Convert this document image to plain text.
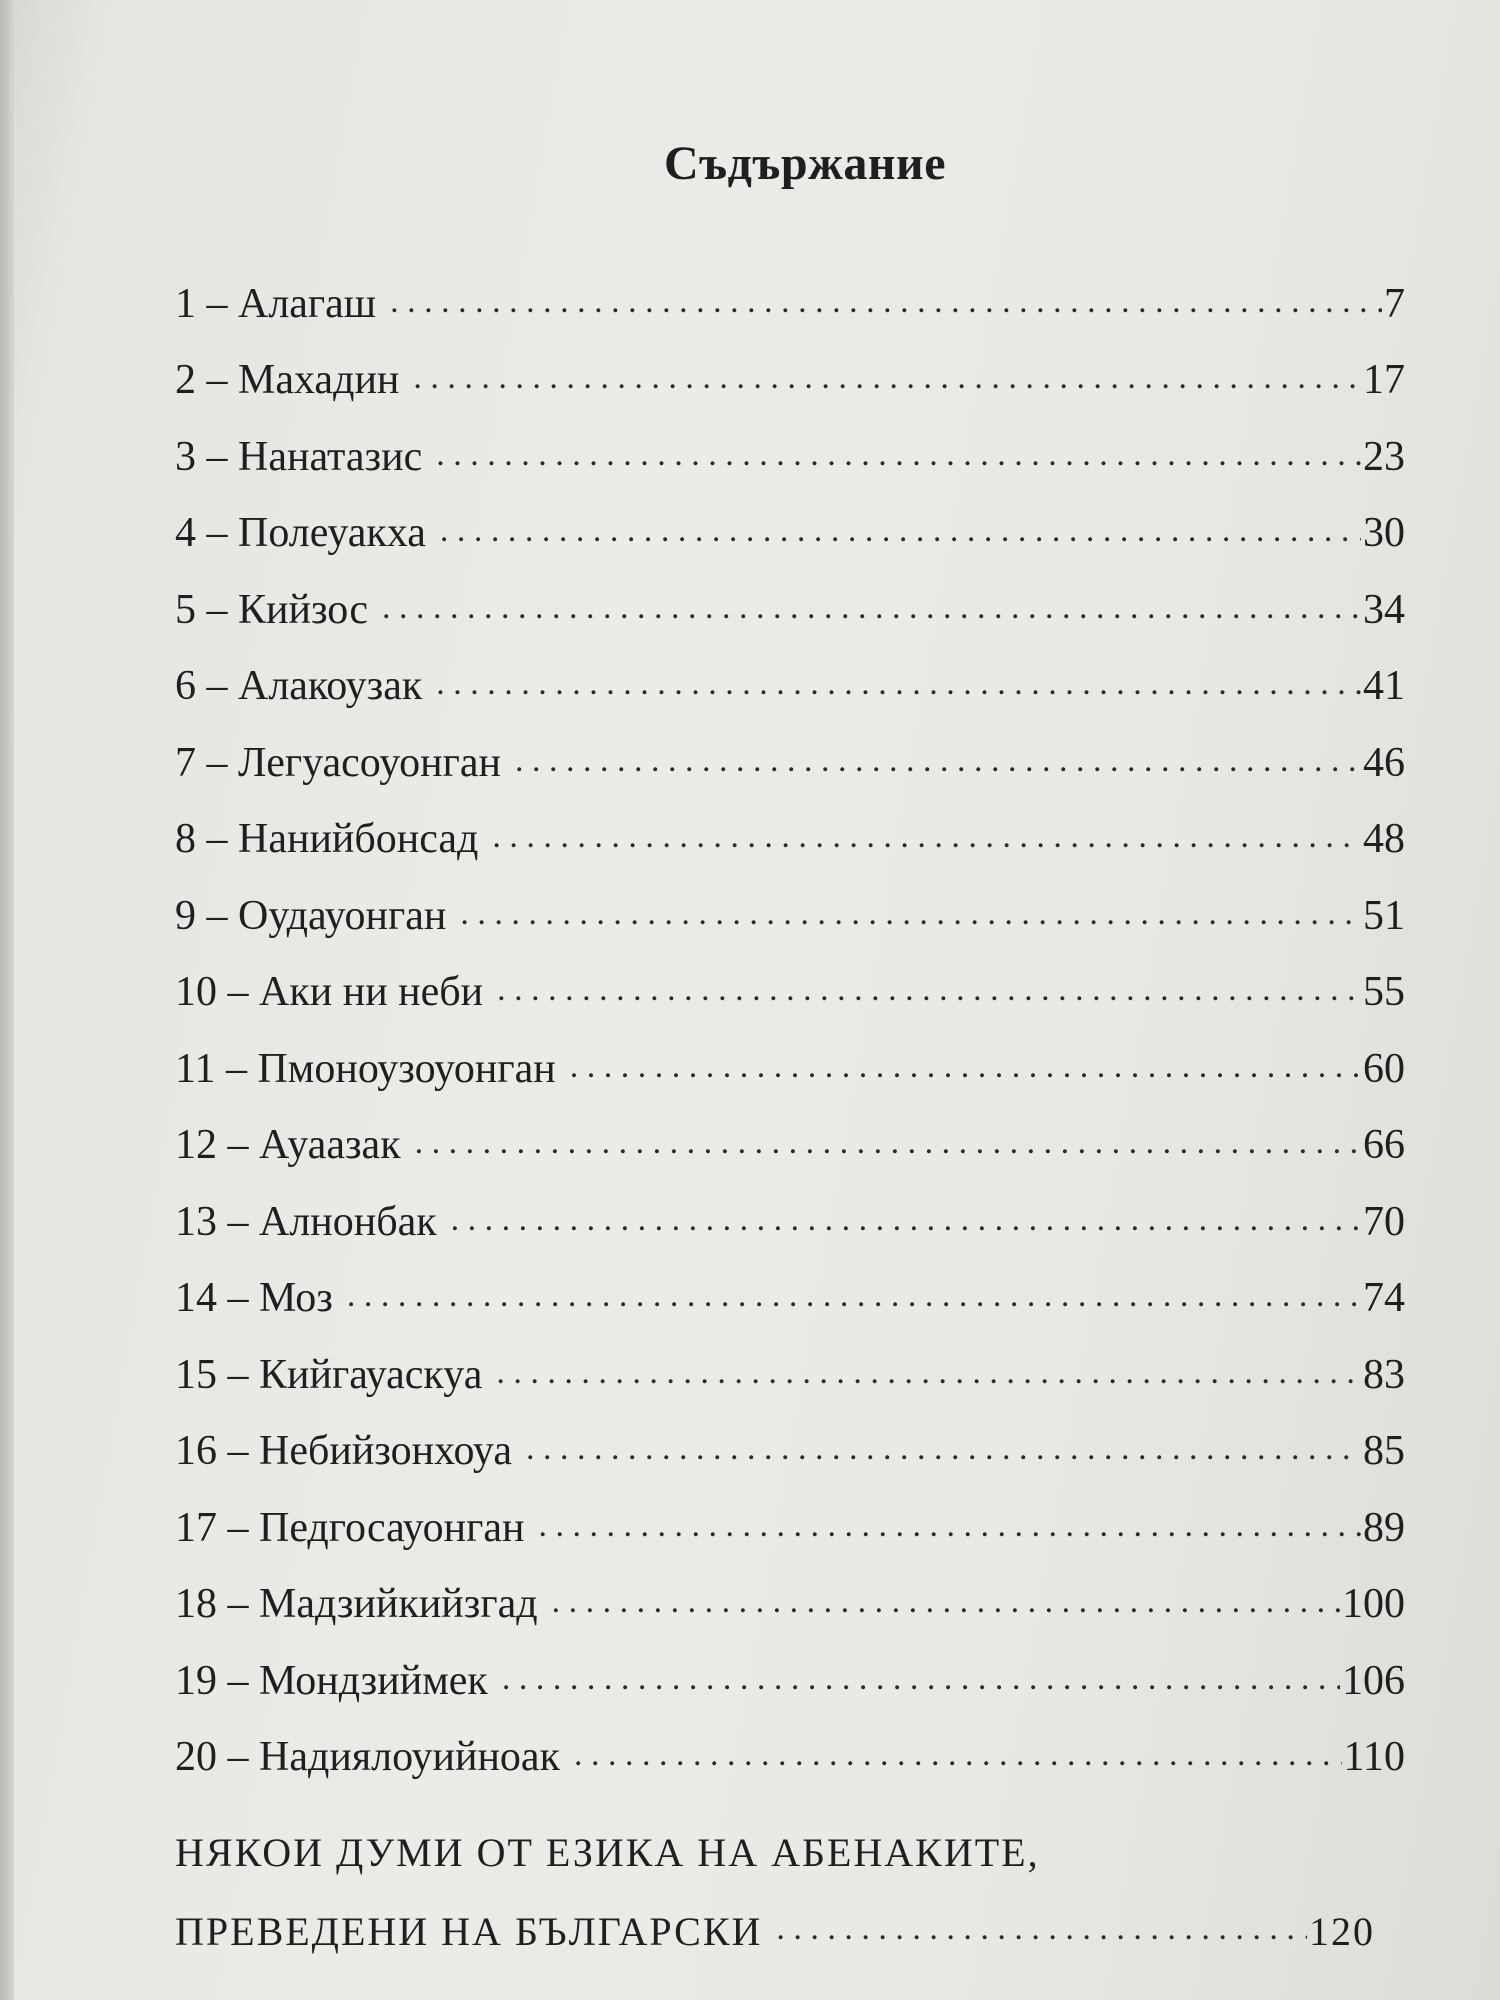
Съдържание
1 – Алагаш . . .	7
2 – Махадин . . .	17
3 – Нанатазис . . .	23
4 – Полеуакха . . .	30
5 – Кийзос . . .	34
6 – Алакоузак . . .	41
7 – Легуасоуонган . . .	46
8 – Нанийбонсад . . .	48
9 – Оудауонган . . .	51
10 – Аки ни неби . . .	55
11 – Пмоноузоуонган . . .	60
12 – Ауаазак . . .	66
13 – Алнонбак . . .	70
14 – Моз . . .	74
15 – Кийгауаскуа . . .	83
16 – Небийзонхоуа . . .	85
17 – Педгосауонган . . .	89
18 – Мадзийкийзгад . . .	100
19 – Мондзиймек . . .	106
20 – Надиялоуийноак . . .	110
НЯКОИ ДУМИ ОТ ЕЗИКА НА АБЕНАКИТЕ,
ПРЕВЕДЕНИ НА БЪЛГАРСКИ . . .	120
